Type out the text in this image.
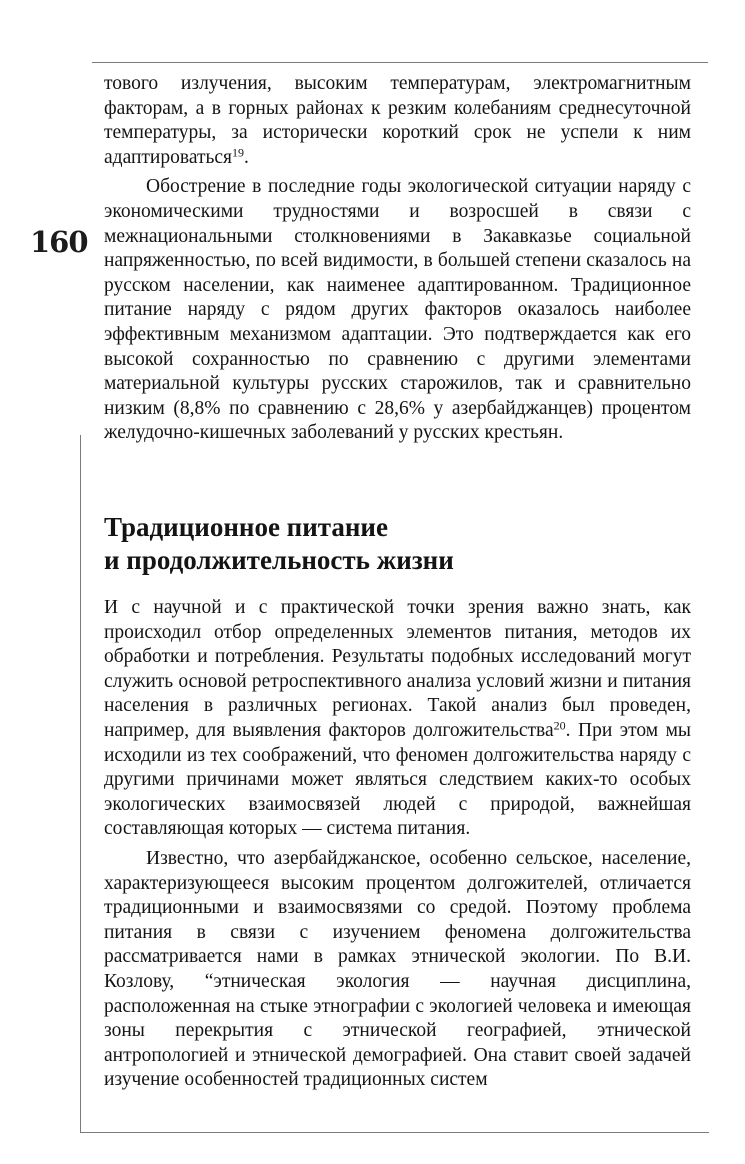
160

тового излучения, высоким температурам, электромагнитным факторам, а в горных районах к резким колебаниям среднесуточной температуры, за исторически короткий срок не успели к ним адаптироваться$^{19}$.

Обострение в последние годы экологической ситуации наряду с экономическими трудностями и возросшей в связи с межнациональными столкновениями в Закавказье социальной напряженностью, по всей видимости, в большей степени сказалось на русском населении, как наименее адаптированном. Традиционное питание наряду с рядом других факторов оказалось наиболее эффективным механизмом адаптации. Это подтверждается как его высокой сохранностью по сравнению с другими элементами материальной культуры русских старожилов, так и сравнительно низким (8,8% по сравнению с 28,6% у азербайджанцев) процентом желудочно-кишечных заболеваний у русских крестьян.

Традиционное питание
и продолжительность жизни

И с научной и с практической точки зрения важно знать, как происходил отбор определенных элементов питания, методов их обработки и потребления. Результаты подобных исследований могут служить основой ретроспективного анализа условий жизни и питания населения в различных регионах. Такой анализ был проведен, например, для выявления факторов долгожительства$^{20}$. При этом мы исходили из тех соображений, что феномен долгожительства наряду с другими причинами может являться следствием каких-то особых экологических взаимосвязей людей с природой, важнейшая составляющая которых — система питания.

Известно, что азербайджанское, особенно сельское, население, характеризующееся высоким процентом долгожителей, отличается традиционными и взаимосвязями со средой. Поэтому проблема питания в связи с изучением феномена долгожительства рассматривается нами в рамках этнической экологии. По В.И. Козлову, “этническая экология — научная дисциплина, расположенная на стыке этнографии с экологией человека и имеющая зоны перекрытия с этнической географией, этнической антропологией и этнической демографией. Она ставит своей задачей изучение особенностей традиционных систем
